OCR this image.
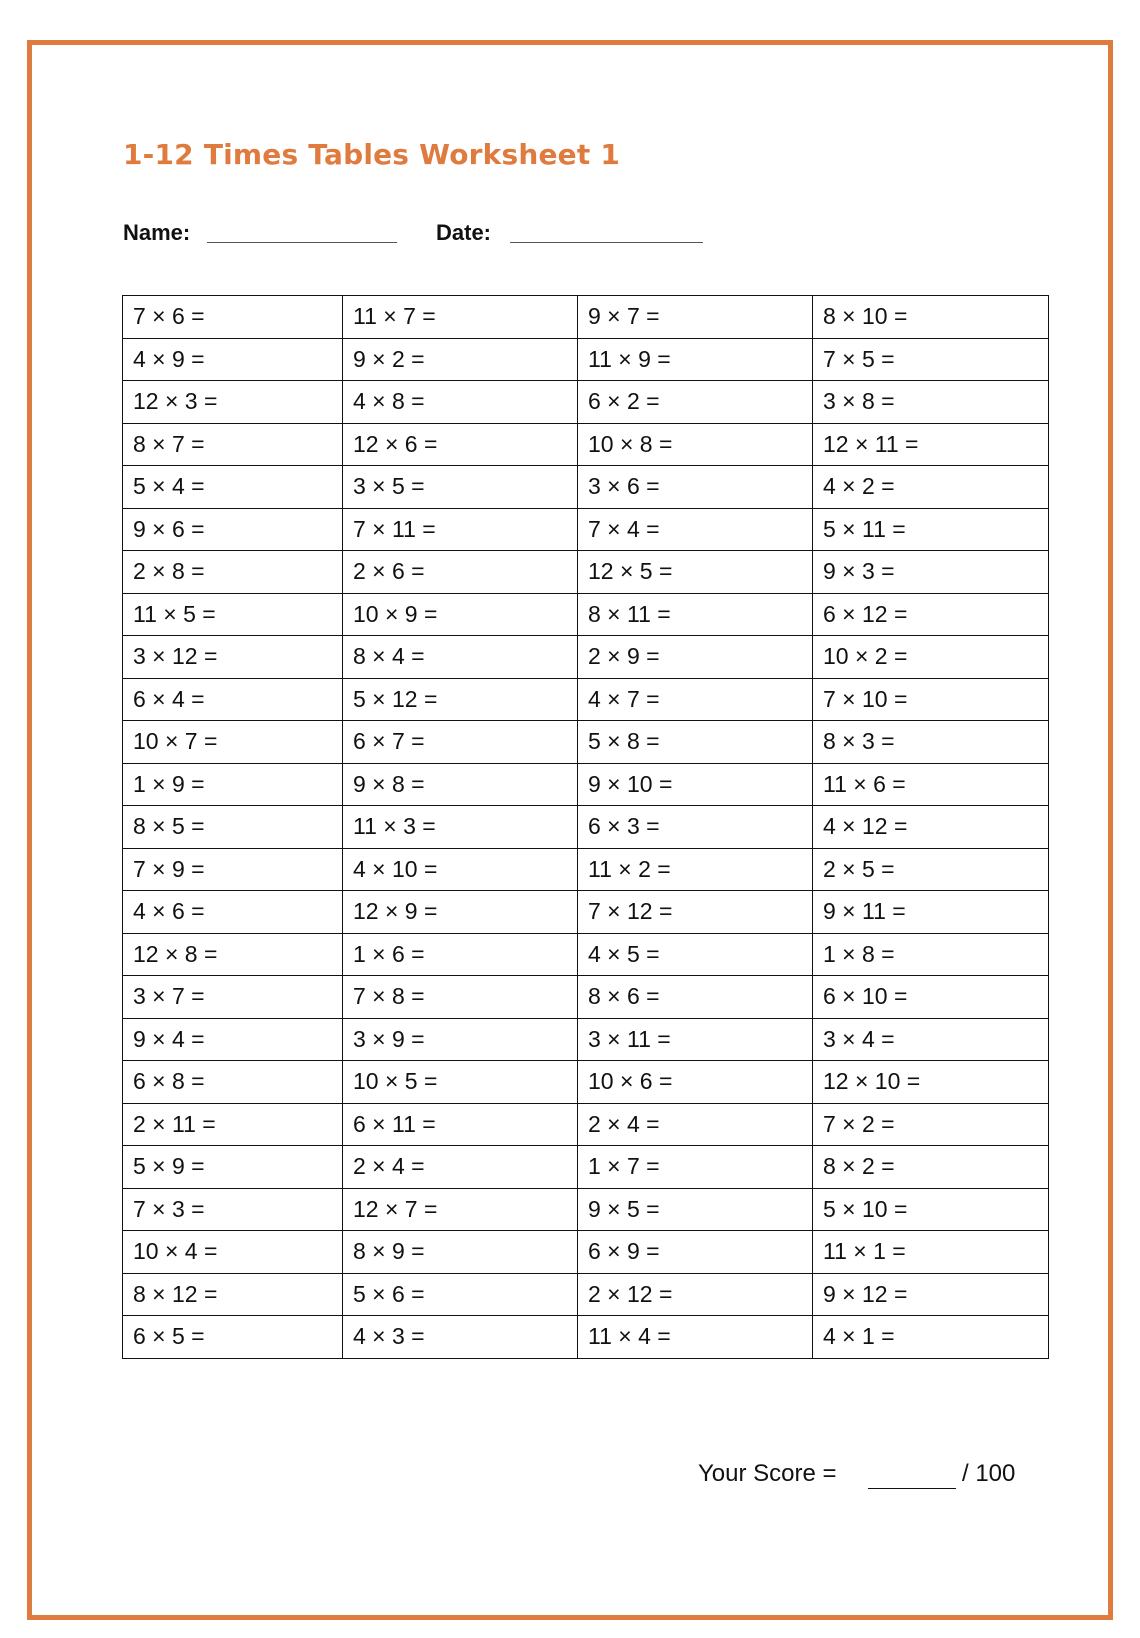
1-12 Times Tables Worksheet 1
Name:	Date:
7 × 6 =	11 × 7 =	9 × 7 =	8 × 10 =
4 × 9 =	9 × 2 =	11 × 9 =	7 × 5 =
12 × 3 =	4 × 8 =	6 × 2 =	3 × 8 =
8 × 7 =	12 × 6 =	10 × 8 =	12 × 11 =
5 × 4 =	3 × 5 =	3 × 6 =	4 × 2 =
9 × 6 =	7 × 11 =	7 × 4 =	5 × 11 =
2 × 8 =	2 × 6 =	12 × 5 =	9 × 3 =
11 × 5 =	10 × 9 =	8 × 11 =	6 × 12 =
3 × 12 =	8 × 4 =	2 × 9 =	10 × 2 =
6 × 4 =	5 × 12 =	4 × 7 =	7 × 10 =
10 × 7 =	6 × 7 =	5 × 8 =	8 × 3 =
1 × 9 =	9 × 8 =	9 × 10 =	11 × 6 =
8 × 5 =	11 × 3 =	6 × 3 =	4 × 12 =
7 × 9 =	4 × 10 =	11 × 2 =	2 × 5 =
4 × 6 =	12 × 9 =	7 × 12 =	9 × 11 =
12 × 8 =	1 × 6 =	4 × 5 =	1 × 8 =
3 × 7 =	7 × 8 =	8 × 6 =	6 × 10 =
9 × 4 =	3 × 9 =	3 × 11 =	3 × 4 =
6 × 8 =	10 × 5 =	10 × 6 =	12 × 10 =
2 × 11 =	6 × 11 =	2 × 4 =	7 × 2 =
5 × 9 =	2 × 4 =	1 × 7 =	8 × 2 =
7 × 3 =	12 × 7 =	9 × 5 =	5 × 10 =
10 × 4 =	8 × 9 =	6 × 9 =	11 × 1 =
8 × 12 =	5 × 6 =	2 × 12 =	9 × 12 =
6 × 5 =	4 × 3 =	11 × 4 =	4 × 1 =
Your Score =	/ 100
